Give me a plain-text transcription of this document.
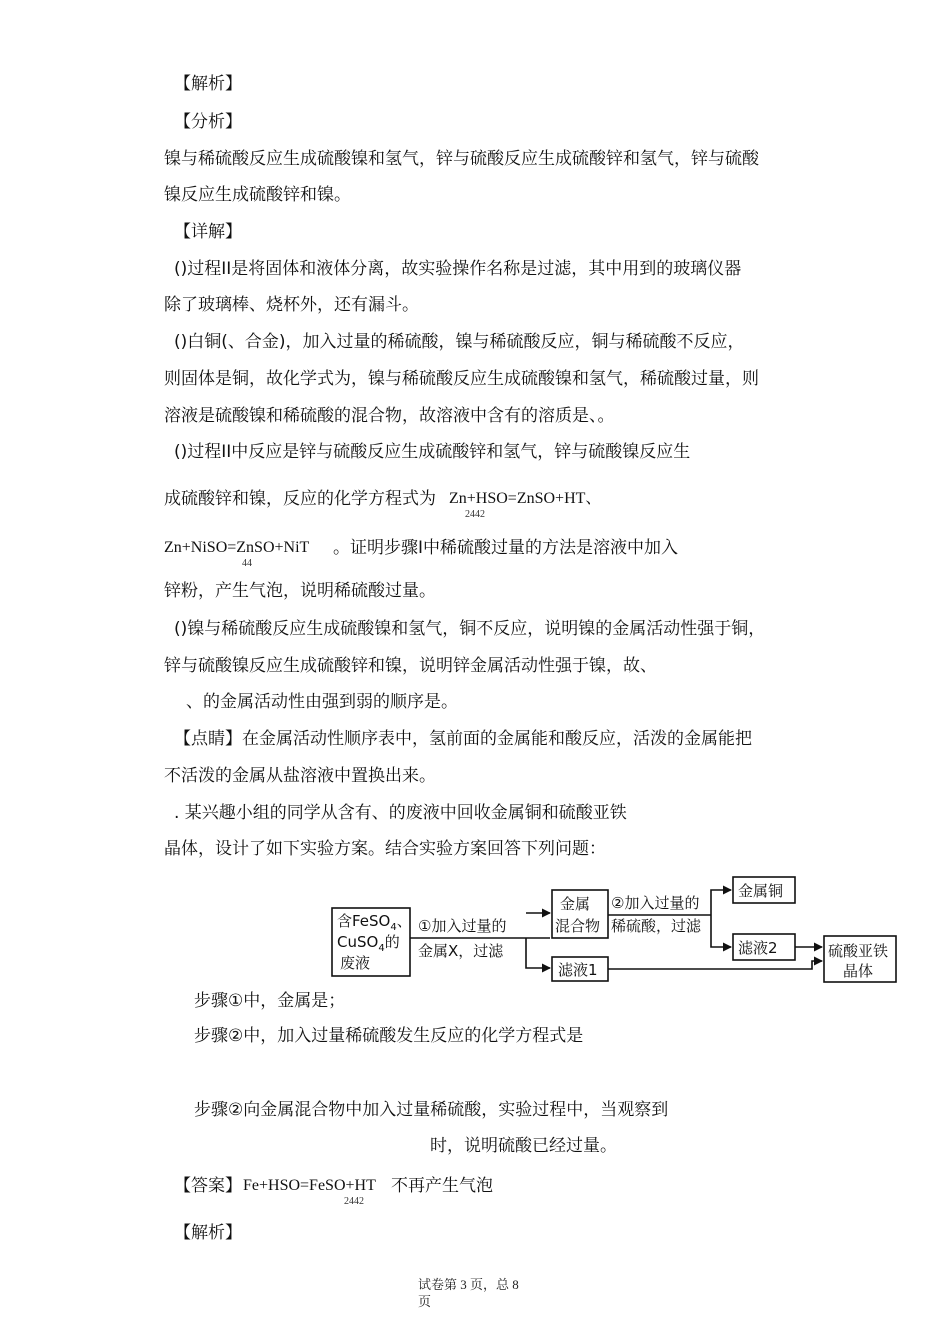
【解析】
【分析】
镍与稀硫酸反应生成硫酸镍和氢气，锌与硫酸反应生成硫酸锌和氢气，锌与硫酸
镍反应生成硫酸锌和镍。
【详解】
()过程II是将固体和液体分离，故实验操作名称是过滤，其中用到的玻璃仪器
除了玻璃棒、烧杯外，还有漏斗。
()白铜(、合金)，加入过量的稀硫酸，镍与稀硫酸反应，铜与稀硫酸不反应，
则固体是铜，故化学式为，镍与稀硫酸反应生成硫酸镍和氢气，稀硫酸过量，则
溶液是硫酸镍和稀硫酸的混合物，故溶液中含有的溶质是、。
()过程II中反应是锌与硫酸反应生成硫酸锌和氢气，锌与硫酸镍反应生
成硫酸锌和镍，反应的化学方程式为 Zn+HSO=ZnSO+HT、
2442
Zn+NiSO=ZnSO+NiT 。证明步骤I中稀硫酸过量的方法是溶液中加入
44
锌粉，产生气泡，说明稀硫酸过量。
()镍与稀硫酸反应生成硫酸镍和氢气，铜不反应，说明镍的金属活动性强于铜，
锌与硫酸镍反应生成硫酸锌和镍，说明锌金属活动性强于镍，故、
、的金属活动性由强到弱的顺序是。
【点睛】在金属活动性顺序表中，氢前面的金属能和酸反应，活泼的金属能把
不活泼的金属从盐溶液中置换出来。
. 某兴趣小组的同学从含有、的废液中回收金属铜和硫酸亚铁
晶体，设计了如下实验方案。结合实验方案回答下列问题：
含FeSO$_4$、
CuSO$_4$的
废液
①加入过量的
金属X，过滤
金属
混合物
②加入过量的
稀硫酸，过滤
金属铜
滤液2
滤液1
硫酸亚铁
晶体
步骤①中，金属是；
步骤②中，加入过量稀硫酸发生反应的化学方程式是
步骤②向金属混合物中加入过量稀硫酸，实验过程中，当观察到
时，说明硫酸已经过量。
【答案】 Fe+HSO=FeSO+HT 不再产生气泡
2442
【解析】
试卷第 3 页，总 8
页
